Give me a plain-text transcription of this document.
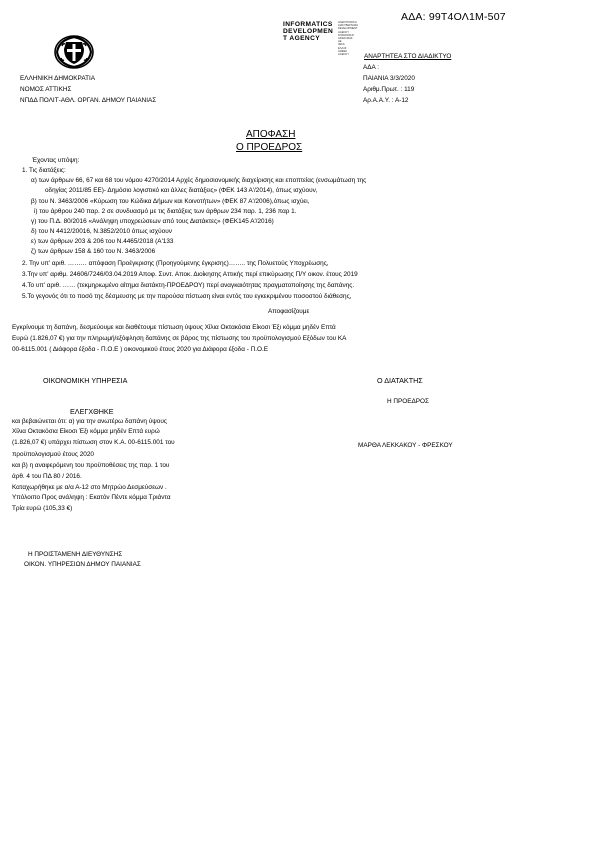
ΑΔΑ: 99Τ4ΟΛ1Μ-507
INFORMATICS
DEVELOPMEN
T AGENCY
ΗΛΕΚΤΡΟΝΙΚΗ
ΔΙΑΚΥΒΕΡΝΗΣΗ
DEVELOPMENT AGENCY
ΚΟΙΝΩΝΙΚΗΣ ΑΣΦΑΛΙΣΗΣ
ΑΕ
ΙΔΙΚΑ
ΕΛΛΑΣ
GREEK AGENCY
ΕΛΛΗΝΙΚΗ ΔΗΜΟΚΡΑΤΙΑ
ΝΟΜΟΣ ΑΤΤΙΚΗΣ
ΝΠΔΔ ΠΟΛΙΤ-ΑΘΛ. ΟΡΓΑΝ. ΔΗΜΟΥ ΠΑΙΑΝΙΑΣ
ΑΝΑΡΤΗΤΕΑ ΣΤΟ ΔΙΑΔΙΚΤΥΟ
ΑΔΑ :
ΠΑΙΑΝΙΑ 3/3/2020
Αριθμ.Πρωτ. : 119
Αρ.Α.Α.Υ. : Α-12
ΑΠΟΦΑΣΗ
Ο ΠΡΟΕΔΡΟΣ
Έχοντας υπόψη:
1. Τις διατάξεις:
α) των άρθρων 66, 67 και 68 του νόμου 4270/2014 Αρχές δημοσιονομικής διαχείρισης και εποπτείας (ενσωμάτωση της
οδηγίας 2011/85 ΕΕ)- Δημόσιο λογιστικό και άλλες διατάξεις» (ΦΕΚ 143 Α'/2014), όπως ισχύουν,
β) του Ν. 3463/2006 «Κύρωση του Κώδικα Δήμων και Κοινοτήτων» (ΦΕΚ 87 Α'/2006),όπως ισχύει,
i) του άρθρου 240 παρ. 2 σε συνδυασμό με τις διατάξεις των άρθρων 234 παρ. 1, 236 παρ 1.
γ) του Π.Δ. 80/2016 «Ανάληψη υποχρεώσεων από τους Διατάκτες» (ΦΕΚ145 Α'/2016)
δ) του Ν 4412/20016, Ν.3852/2010 όπως ισχύουν
ε) των άρθρων 203 & 206 του Ν.4465/2018 (Α'133
ζ) των άρθρων 158 & 160 του Ν. 3463/2006
2. Την υπ' αριθ. ……… απόφαση Προέγκρισης (Προηγούμενης έγκρισης)…….. της Πολυετούς Υποχρέωσης,
3.Την υπ' αριθμ. 24606/7246/03.04.2019 Αποφ. Συντ. Αποκ. Διοίκησης Αττικής περί επικύρωσης Π/Υ οικον. έτους 2019
4.Το υπ' αριθ. …… (τεκμηριωμένο αίτημα διατάκτη-ΠΡΟΕΔΡΟΥ) περί αναγκαιότητας πραγματοποίησης της δαπάνης.
5.Το γεγονός ότι το ποσό της δέσμευσης με την παρούσα πίστωση είναι εντός του εγκεκριμένου ποσοστού διάθεσης,
Αποφασίζουμε
Εγκρίνουμε τη δαπάνη, δεσμεύουμε και διαθέτουμε πίστωση ύψους Χίλια Οκτακόσια Είκοσι Έξι κόμμα μηδέν Επτά
Ευρώ (1.826,07 €) για την πληρωμή/εξόφληση δαπάνης σε βάρος της πίστωσης του προϋπολογισμού Εξόδων του ΚΑ
00-6115.001 ( Διάφορα έξοδα - Π.Ο.Ε ) οικονομικού έτους 2020 για Διάφορα έξοδα - Π.Ο.Ε
ΟΙΚΟΝΟΜΙΚΗ ΥΠΗΡΕΣΙΑ	Ο ΔΙΑΤΑΚΤΗΣ
Η ΠΡΟΕΔΡΟΣ
ΕΛΕΓΧΘΗΚΕ
και βεβαιώνεται ότι: α) για την ανωτέρω δαπάνη ύψους
Χίλια Οκτακόσια Είκοσι Έξι κόμμα μηδέν Επτά ευρώ
(1.826,07 €) υπάρχει πίστωση στον Κ.Α. 00-6115.001 του
προϋπολογισμού έτους 2020
και β) η αναφερόμενη του προϋποθέσεις της παρ. 1 του
άρθ. 4 του ΠΔ 80 / 2016.
Καταχωρήθηκε με α/α Α-12 στο Μητρώο Δεσμεύσεων .
Υπόλοιπο Προς ανάληψη : Εκατόν Πέντε κόμμα Τριάντα
Τρία ευρώ (105,33 €)
ΜΑΡΘΑ ΛΕΚΚΑΚΟΥ - ΦΡΕΣΚΟΥ
Η ΠΡΟΙΣΤΑΜΕΝΗ ΔΙΕΥΘΥΝΣΗΣ
ΟΙΚΟΝ. ΥΠΗΡΕΣΙΩΝ ΔΗΜΟΥ ΠΑΙΑΝΙΑΣ
